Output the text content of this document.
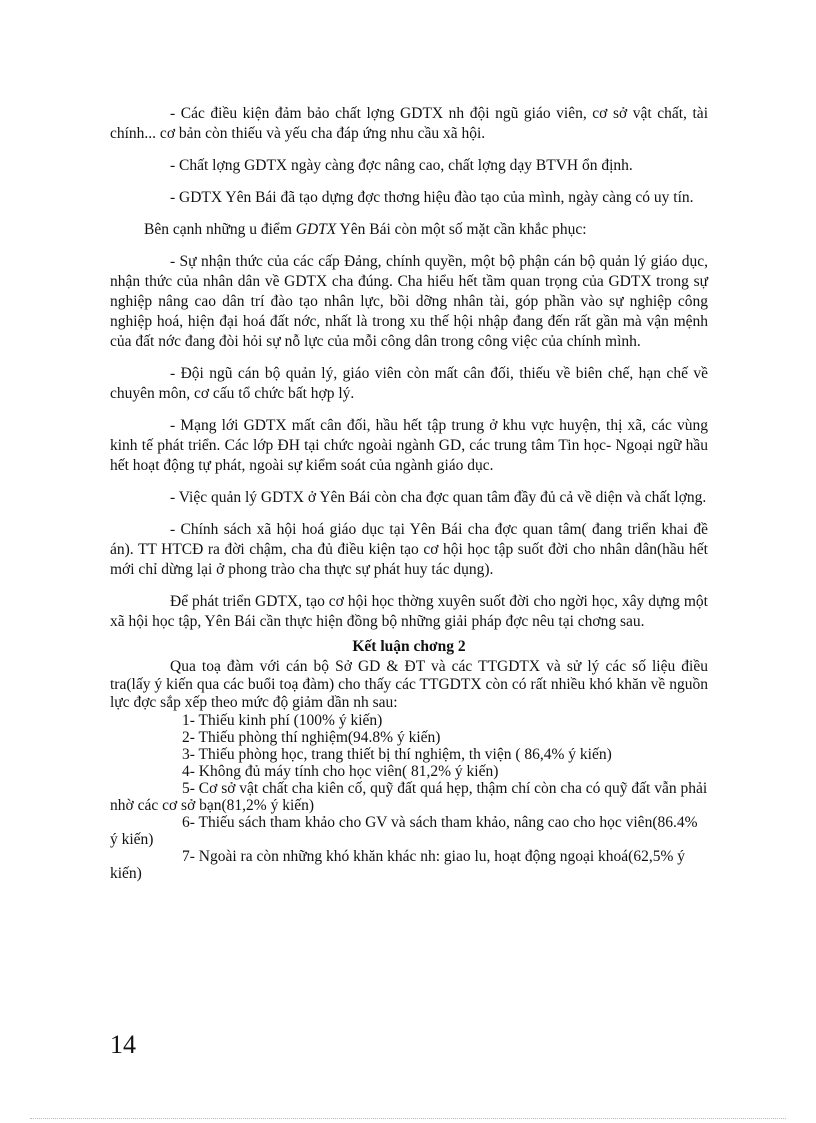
- Các điều kiện đảm bảo chất lợng GDTX nh đội ngũ giáo viên, cơ sở vật chất, tài chính... cơ bản còn thiếu và yếu cha đáp ứng nhu cầu xã hội.

- Chất lợng GDTX ngày càng đợc nâng cao, chất lợng dạy BTVH ổn định.

- GDTX Yên Bái đã tạo dựng đợc thơng hiệu đào tạo của mình, ngày càng có uy tín.

Bên cạnh những u điểm GDTX Yên Bái còn một số mặt cần khắc phục:

- Sự nhận thức của các cấp Đảng, chính quyền, một bộ phận cán bộ quản lý giáo dục, nhận thức của nhân dân về GDTX cha đúng. Cha hiểu hết tầm quan trọng của GDTX trong sự nghiệp nâng cao dân trí đào tạo nhân lực, bồi dỡng nhân tài, góp phần vào sự nghiệp công nghiệp hoá, hiện đại hoá đất nớc, nhất là trong xu thế hội nhập đang đến rất gần mà vận mệnh của đất nớc đang đòi hỏi sự nỗ lực của mỗi công dân trong công việc của chính mình.

- Đội ngũ cán bộ quản lý, giáo viên còn mất cân đối, thiếu về biên chế, hạn chế về chuyên môn, cơ cấu tổ chức bất hợp lý.

- Mạng lới GDTX mất cân đối, hầu hết tập trung ở khu vực huyện, thị xã, các vùng kinh tế phát triển. Các lớp ĐH tại chức ngoài ngành GD, các trung tâm Tin học- Ngoại ngữ hầu hết hoạt động tự phát, ngoài sự kiểm soát của ngành giáo dục.

- Việc quản lý GDTX ở Yên Bái còn cha đợc quan tâm đầy đủ cả về diện và chất lợng.

- Chính sách xã hội hoá giáo dục tại Yên Bái cha đợc quan tâm( đang triển khai đề án). TT HTCĐ ra đời chậm, cha đủ điều kiện tạo cơ hội học tập suốt đời cho nhân dân(hầu hết mới chỉ dừng lại ở phong trào cha thực sự phát huy tác dụng).

Để phát triển GDTX, tạo cơ hội học thờng xuyên suốt đời cho ngời học, xây dựng một xã hội học tập, Yên Bái cần thực hiện đồng bộ những giải pháp đợc nêu tại chơng sau.

Kết luận chơng 2

Qua toạ đàm với cán bộ Sở GD & ĐT và các TTGDTX và sử lý các số liệu điều tra(lấy ý kiến qua các buổi toạ đàm) cho thấy các TTGDTX còn có rất nhiều khó khăn về nguồn lực đợc sắp xếp theo mức độ giảm dần nh sau:

1- Thiếu kinh phí (100% ý kiến)

2- Thiếu phòng thí nghiệm(94.8% ý kiến)

3- Thiếu phòng học, trang thiết bị thí nghiệm, th viện ( 86,4% ý kiến)

4- Không đủ máy tính cho học viên( 81,2% ý kiến)

5- Cơ sở vật chất cha kiên cố, quỹ đất quá hẹp, thậm chí còn cha có quỹ đất vẫn phải nhờ các cơ sở bạn(81,2% ý kiến)

6- Thiếu sách tham khảo cho GV và sách tham khảo, nâng cao cho học viên(86.4% ý kiến)

7- Ngoài ra còn những khó khăn khác nh: giao lu, hoạt động ngoại khoá(62,5% ý kiến)

14
